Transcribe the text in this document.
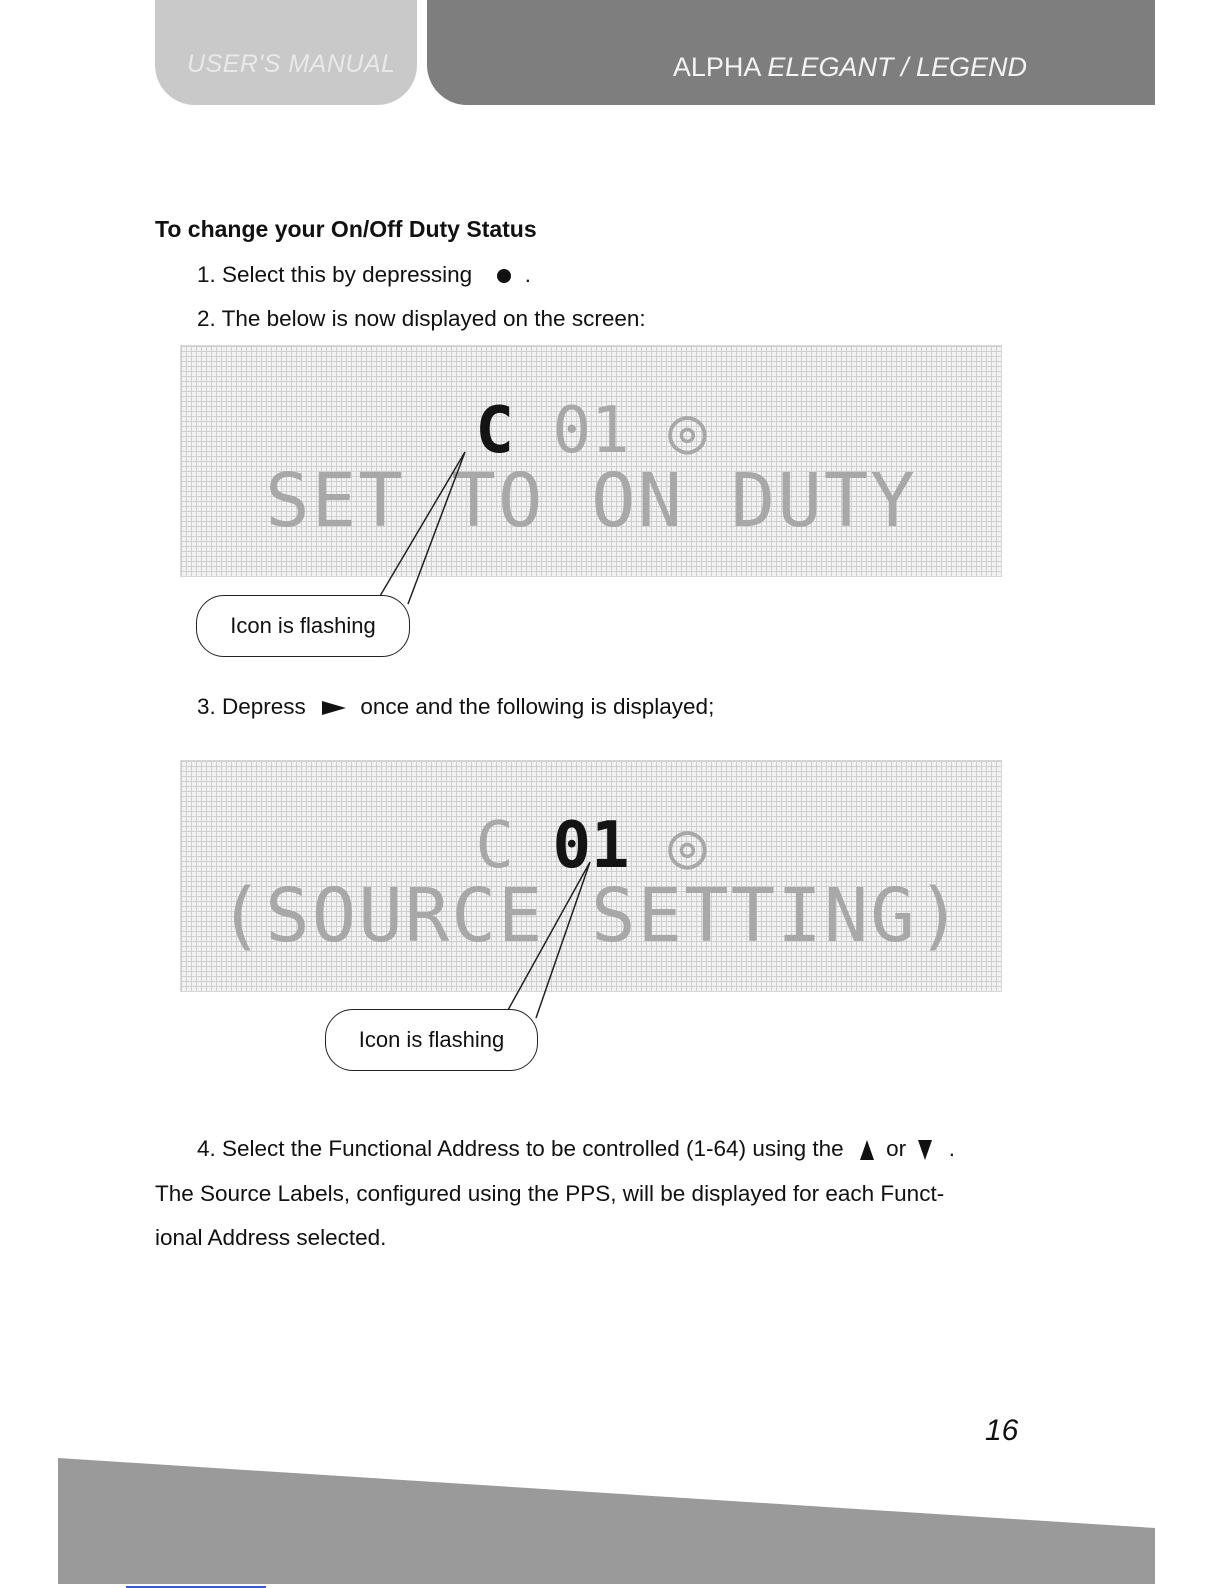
USER'S MANUAL	ALPHA ELEGANT / LEGEND
To change your On/Off Duty Status
1. Select this by depressing .
2. The below is now displayed on the screen:
C 01 ◎
SET TO ON DUTY
Icon is flashing
3. Depress once and the following is displayed;
C 01 ◎
(SOURCE SETTING)
Icon is flashing
4. Select the Functional Address to be controlled (1-64) using the or .
The Source Labels, configured using the PPS, will be displayed for each Funct-
ional Address selected.
16
